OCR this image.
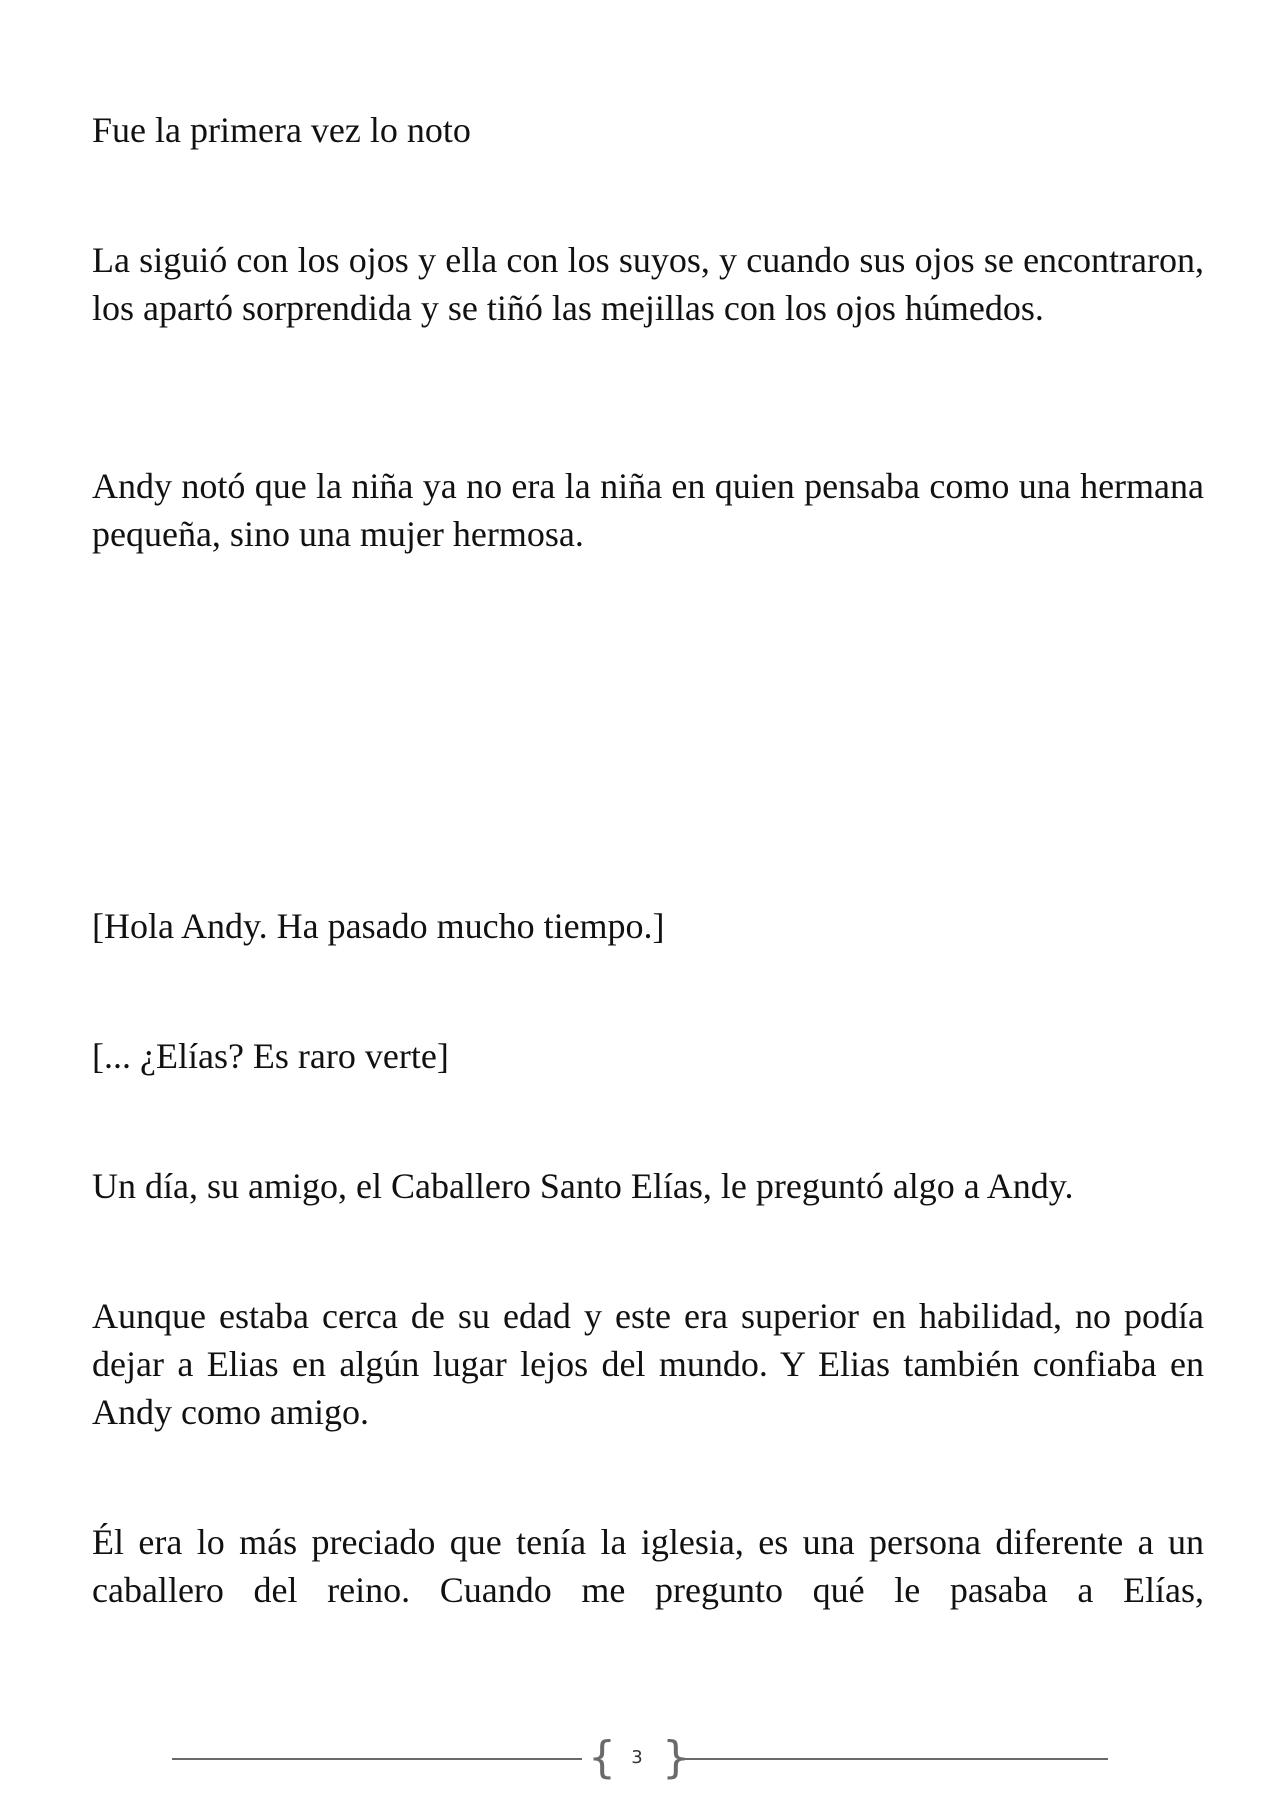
Fue la primera vez lo noto

La siguió con los ojos y ella con los suyos, y cuando sus ojos se encontraron, los apartó sorprendida y se tiñó las mejillas con los ojos húmedos.

Andy notó que la niña ya no era la niña en quien pensaba como una hermana pequeña, sino una mujer hermosa.

[Hola Andy. Ha pasado mucho tiempo.]

[... ¿Elías? Es raro verte]

Un día, su amigo, el Caballero Santo Elías, le preguntó algo a Andy.

Aunque estaba cerca de su edad y este era superior en habilidad, no podía dejar a Elias en algún lugar lejos del mundo. Y Elias también confiaba en Andy como amigo.

Él era lo más preciado que tenía la iglesia, es una persona diferente a un caballero del reino. Cuando me pregunto qué le pasaba a Elías,

{ 3 }
